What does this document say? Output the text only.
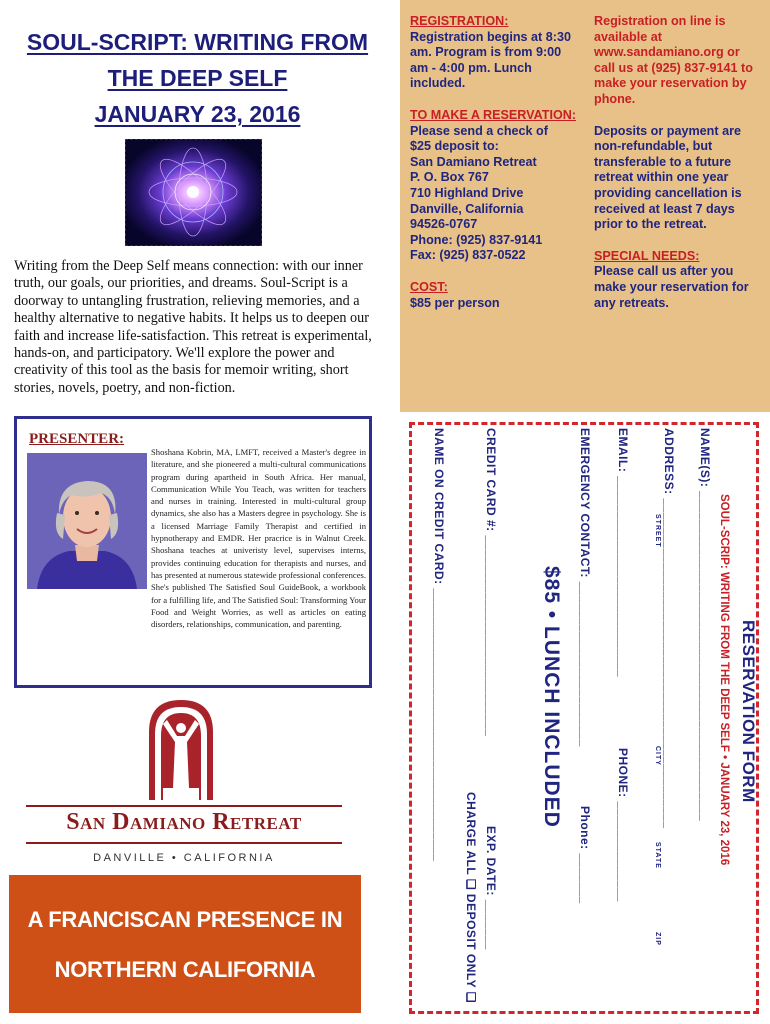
SOUL-SCRIPT: WRITING FROM
THE DEEP SELF
JANUARY 23, 2016
Writing from the Deep Self means connection: with our inner truth, our goals, our priorities, and dreams. Soul-Script is a doorway to untangling frustration, relieving memories, and a healthy alternative to negative habits. It helps us to deepen our faith and increase life-satisfaction. This retreat is experimental, hands-on, and participatory. We'll explore the power and creativity of this tool as the basis for memoir writing, short stories, novels, poetry, and non-fiction.
PRESENTER:
Shoshana Kobrin, MA, LMFT, received a Master's degree in literature, and she pioneered a multi-cultural communications program during apartheid in South Africa. Her manual, Communication While You Teach, was written for teachers and nurses in training. Interested in multi-cultural group dynamics, she also has a Masters degree in psychology. She is a licensed Marriage Family Therapist and certified in hypnotherapy and EMDR. Her pracrice is in Walnut Creek. Shoshana teaches at univeristy level, supervises interns, provides continuing education for therapists and nurses, and has presented at numerous statewide professional conferences. She's published The Satisfied Soul GuideBook, a workbook for a fulfilling life, and The Satisfied Soul: Transforming Your Food and Weight Worries, as well as articles on eating disorders, relationships, communication, and parenting.
San Damiano Retreat
DANVILLE • CALIFORNIA
A FRANCISCAN PRESENCE IN
NORTHERN CALIFORNIA

REGISTRATION:

Registration begins at 8:30 am. Program is from 9:00 am - 4:00 pm. Lunch included.

TO MAKE A RESERVATION:

Please send a check of

$25 deposit to:

San Damiano Retreat

P. O. Box 767

710 Highland Drive

Danville, California

94526-0767

Phone: (925) 837-9141

Fax: (925) 837-0522

COST:

$85 per person

Registration on line is available at www.sandamiano.org or call us at (925) 837-9141 to make your reservation by phone.

Deposits or payment are non-refundable, but transferable to a future retreat within one year providing cancellation is received at least 7 days prior to the retreat.

SPECIAL NEEDS:

Please call us after you make your reservation for any retreats.

RESERVATION FORM
SOUL-SCRIP: WRITING FROM THE DEEP SELF • JANUARY 23, 2016
NAME(S): ______________________________________________
ADDRESS: ______________________________________________
STREET
CITY
STATE
ZIP
EMAIL: ____________________________
PHONE: ______________
EMERGENCY CONTACT: _______________________
Phone: _______
$85 • LUNCH INCLUDED
CREDIT CARD #: ____________________________
EXP. DATE: _______
CHARGE ALL ❑ DEPOSIT ONLY ❑
NAME ON CREDIT CARD: ______________________________________
